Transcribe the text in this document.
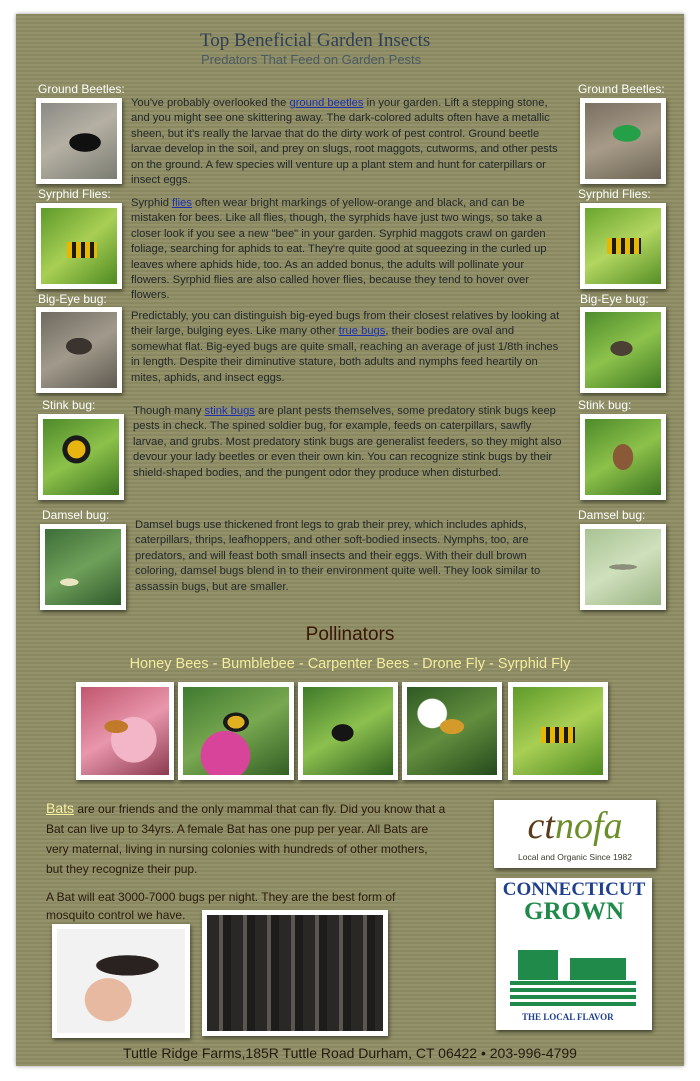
Top Beneficial Garden Insects
Predators That Feed on Garden Pests
Ground Beetles:	Ground Beetles:
You've probably overlooked the ground beetles in your garden. Lift a stepping stone, and you might see one skittering away. The dark-colored adults often have a metallic sheen, but it's really the larvae that do the dirty work of pest control. Ground beetle larvae develop in the soil, and prey on slugs, root maggots, cutworms, and other pests on the ground. A few species will venture up a plant stem and hunt for caterpillars or insect eggs.
Syrphid Flies:	Syrphid Flies:
Syrphid flies often wear bright markings of yellow-orange and black, and can be mistaken for bees. Like all flies, though, the syrphids have just two wings, so take a closer look if you see a new "bee" in your garden. Syrphid maggots crawl on garden foliage, searching for aphids to eat. They're quite good at squeezing in the curled up leaves where aphids hide, too. As an added bonus, the adults will pollinate your flowers. Syrphid flies are also called hover flies, because they tend to hover over flowers.
Big-Eye bug:	Big-Eye bug:
Predictably, you can distinguish big-eyed bugs from their closest relatives by looking at their large, bulging eyes. Like many other true bugs, their bodies are oval and somewhat flat. Big-eyed bugs are quite small, reaching an average of just 1/8th inches in length. Despite their diminutive stature, both adults and nymphs feed heartily on mites, aphids, and insect eggs.
Stink bug:	Stink bug:
Though many stink bugs are plant pests themselves, some predatory stink bugs keep pests in check. The spined soldier bug, for example, feeds on caterpillars, sawfly larvae, and grubs. Most predatory stink bugs are generalist feeders, so they might also devour your lady beetles or even their own kin. You can recognize stink bugs by their shield-shaped bodies, and the pungent odor they produce when disturbed.
Damsel bug:	Damsel bug:
Damsel bugs use thickened front legs to grab their prey, which includes aphids, caterpillars, thrips, leafhoppers, and other soft-bodied insects. Nymphs, too, are predators, and will feast both small insects and their eggs. With their dull brown coloring, damsel bugs blend in to their environment quite well. They look similar to assassin bugs, but are smaller.
Pollinators
Honey Bees - Bumblebee - Carpenter Bees - Drone Fly - Syrphid Fly
Bats are our friends and the only mammal that can fly. Did you know that a Bat can live up to 34yrs. A female Bat has one pup per year. All Bats are very maternal, living in nursing colonies with hundreds of other mothers, but they recognize their pup.
A Bat will eat 3000-7000 bugs per night. They are the best form of mosquito control we have.
ctnofa
Local and Organic Since 1982
CONNECTICUT
GROWN
THE LOCAL FLAVOR
Tuttle Ridge Farms,185R Tuttle Road Durham, CT 06422 • 203-996-4799
